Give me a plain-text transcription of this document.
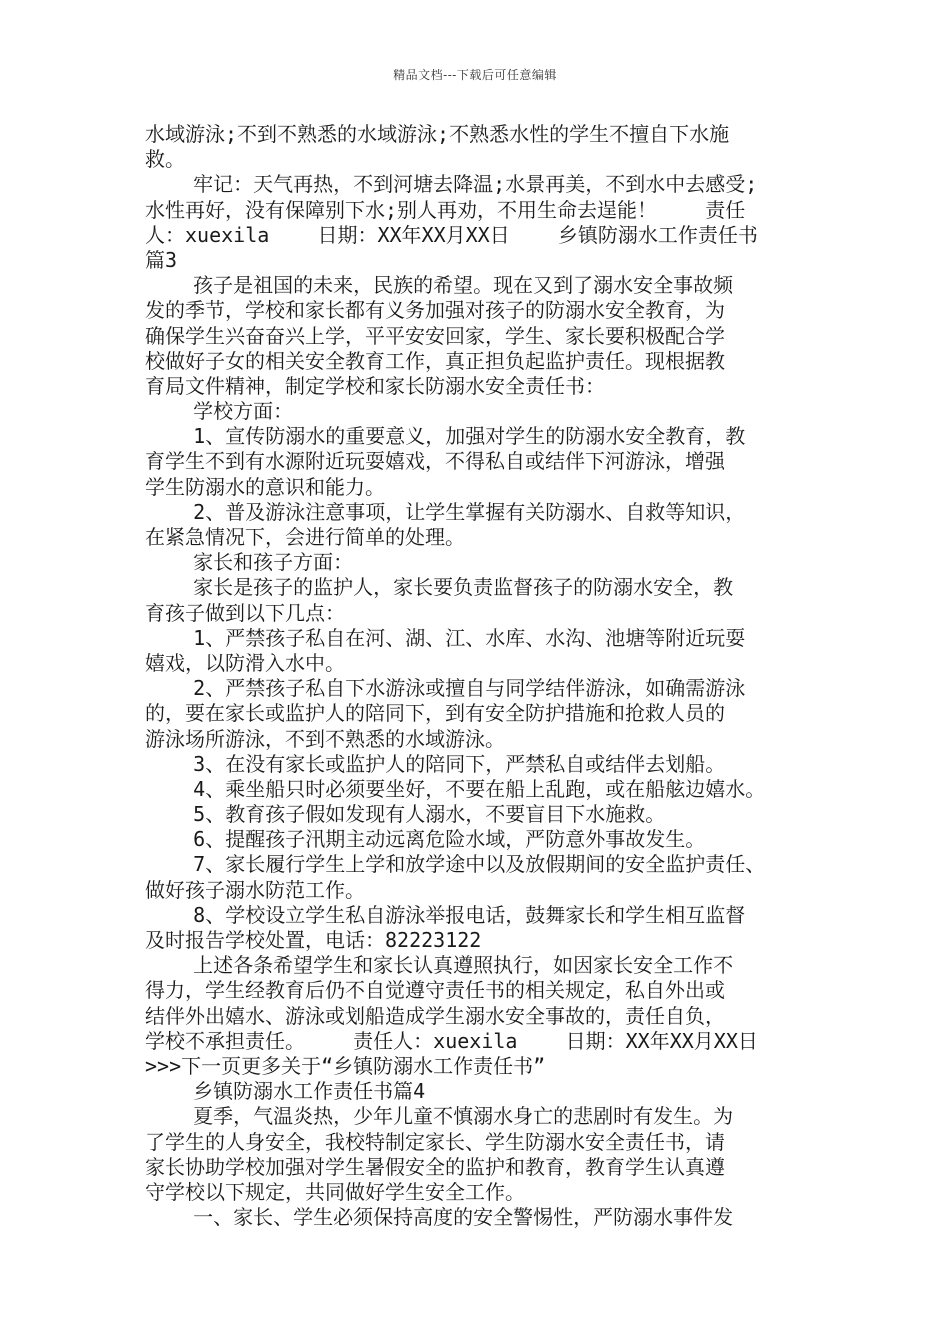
精品文档---下载后可任意编辑
水域游泳;不到不熟悉的水域游泳;不熟悉水性的学生不擅自下水施
救。
牢记：天气再热，不到河塘去降温;水景再美，不到水中去感受;
水性再好，没有保障别下水;别人再劝，不用生命去逞能！    责任
人：xuexila    日期：XX年XX月XX日    乡镇防溺水工作责任书
篇3
孩子是祖国的未来，民族的希望。现在又到了溺水安全事故频
发的季节，学校和家长都有义务加强对孩子的防溺水安全教育，为
确保学生兴奋奋兴上学，平平安安回家，学生、家长要积极配合学
校做好子女的相关安全教育工作，真正担负起监护责任。现根据教
育局文件精神，制定学校和家长防溺水安全责任书：
学校方面：
1、宣传防溺水的重要意义，加强对学生的防溺水安全教育，教
育学生不到有水源附近玩耍嬉戏，不得私自或结伴下河游泳，增强
学生防溺水的意识和能力。
2、普及游泳注意事项，让学生掌握有关防溺水、自救等知识，
在紧急情况下，会进行简单的处理。
家长和孩子方面：
家长是孩子的监护人，家长要负责监督孩子的防溺水安全，教
育孩子做到以下几点：
1、严禁孩子私自在河、湖、江、水库、水沟、池塘等附近玩耍
嬉戏，以防滑入水中。
2、严禁孩子私自下水游泳或擅自与同学结伴游泳，如确需游泳
的，要在家长或监护人的陪同下，到有安全防护措施和抢救人员的
游泳场所游泳，不到不熟悉的水域游泳。
3、在没有家长或监护人的陪同下，严禁私自或结伴去划船。
4、乘坐船只时必须要坐好，不要在船上乱跑，或在船舷边嬉水。
5、教育孩子假如发现有人溺水，不要盲目下水施救。
6、提醒孩子汛期主动远离危险水域，严防意外事故发生。
7、家长履行学生上学和放学途中以及放假期间的安全监护责任、
做好孩子溺水防范工作。
8、学校设立学生私自游泳举报电话，鼓舞家长和学生相互监督
及时报告学校处置，电话：82223122
上述各条希望学生和家长认真遵照执行，如因家长安全工作不
得力，学生经教育后仍不自觉遵守责任书的相关规定，私自外出或
结伴外出嬉水、游泳或划船造成学生溺水安全事故的，责任自负，
学校不承担责任。    责任人：xuexila    日期：XX年XX月XX日
>>>下一页更多关于“乡镇防溺水工作责任书”
乡镇防溺水工作责任书篇4
夏季，气温炎热，少年儿童不慎溺水身亡的悲剧时有发生。为
了学生的人身安全，我校特制定家长、学生防溺水安全责任书，请
家长协助学校加强对学生暑假安全的监护和教育，教育学生认真遵
守学校以下规定，共同做好学生安全工作。
一、家长、学生必须保持高度的安全警惕性，严防溺水事件发
